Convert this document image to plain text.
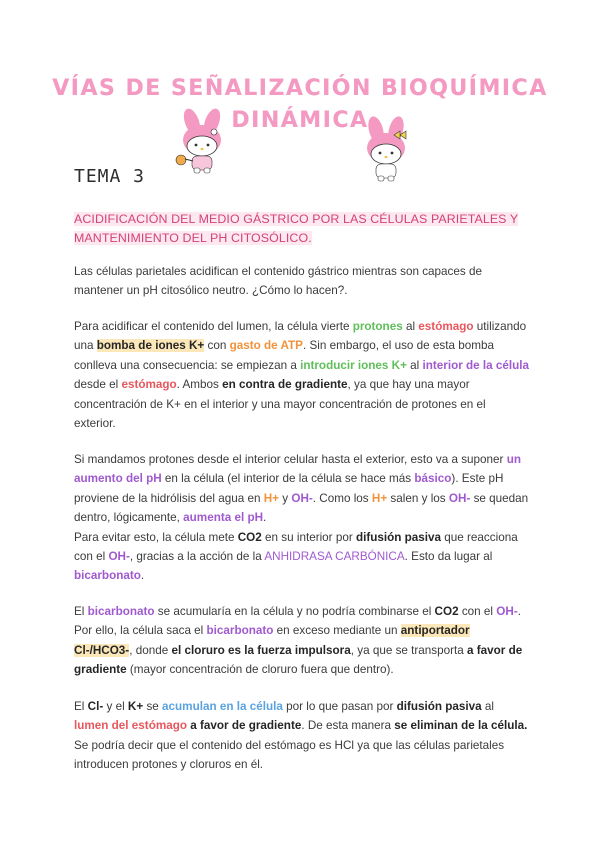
VÍAS DE SEÑALIZACIÓN BIOQUÍMICA
DINÁMICA
TEMA 3
ACIDIFICACIÓN DEL MEDIO GÁSTRICO POR LAS CÉLULAS PARIETALES Y
MANTENIMIENTO DEL PH CITOSÓLICO.
Las células parietales acidifican el contenido gástrico mientras son capaces de mantener un pH citosólico neutro. ¿Cómo lo hacen?.
Para acidificar el contenido del lumen, la célula vierte protones al estómago utilizando una bomba de iones K+ con gasto de ATP. Sin embargo, el uso de esta bomba conlleva una consecuencia: se empiezan a introducir iones K+ al interior de la célula desde el estómago. Ambos en contra de gradiente, ya que hay una mayor concentración de K+ en el interior y una mayor concentración de protones en el exterior.
Si mandamos protones desde el interior celular hasta el exterior, esto va a suponer un aumento del pH en la célula (el interior de la célula se hace más básico). Este pH proviene de la hidrólisis del agua en H+ y OH-. Como los H+ salen y los OH- se quedan dentro, lógicamente, aumenta el pH.
Para evitar esto, la célula mete CO2 en su interior por difusión pasiva que reacciona con el OH-, gracias a la acción de la ANHIDRASA CARBÓNICA. Esto da lugar al bicarbonato.
El bicarbonato se acumularía en la célula y no podría combinarse el CO2 con el OH-. Por ello, la célula saca el bicarbonato en exceso mediante un antiportador Cl-/HCO3-, donde el cloruro es la fuerza impulsora, ya que se transporta a favor de gradiente (mayor concentración de cloruro fuera que dentro).
El Cl- y el K+ se acumulan en la célula por lo que pasan por difusión pasiva al lumen del estómago a favor de gradiente. De esta manera se eliminan de la célula. Se podría decir que el contenido del estómago es HCl ya que las células parietales introducen protones y cloruros en él.
